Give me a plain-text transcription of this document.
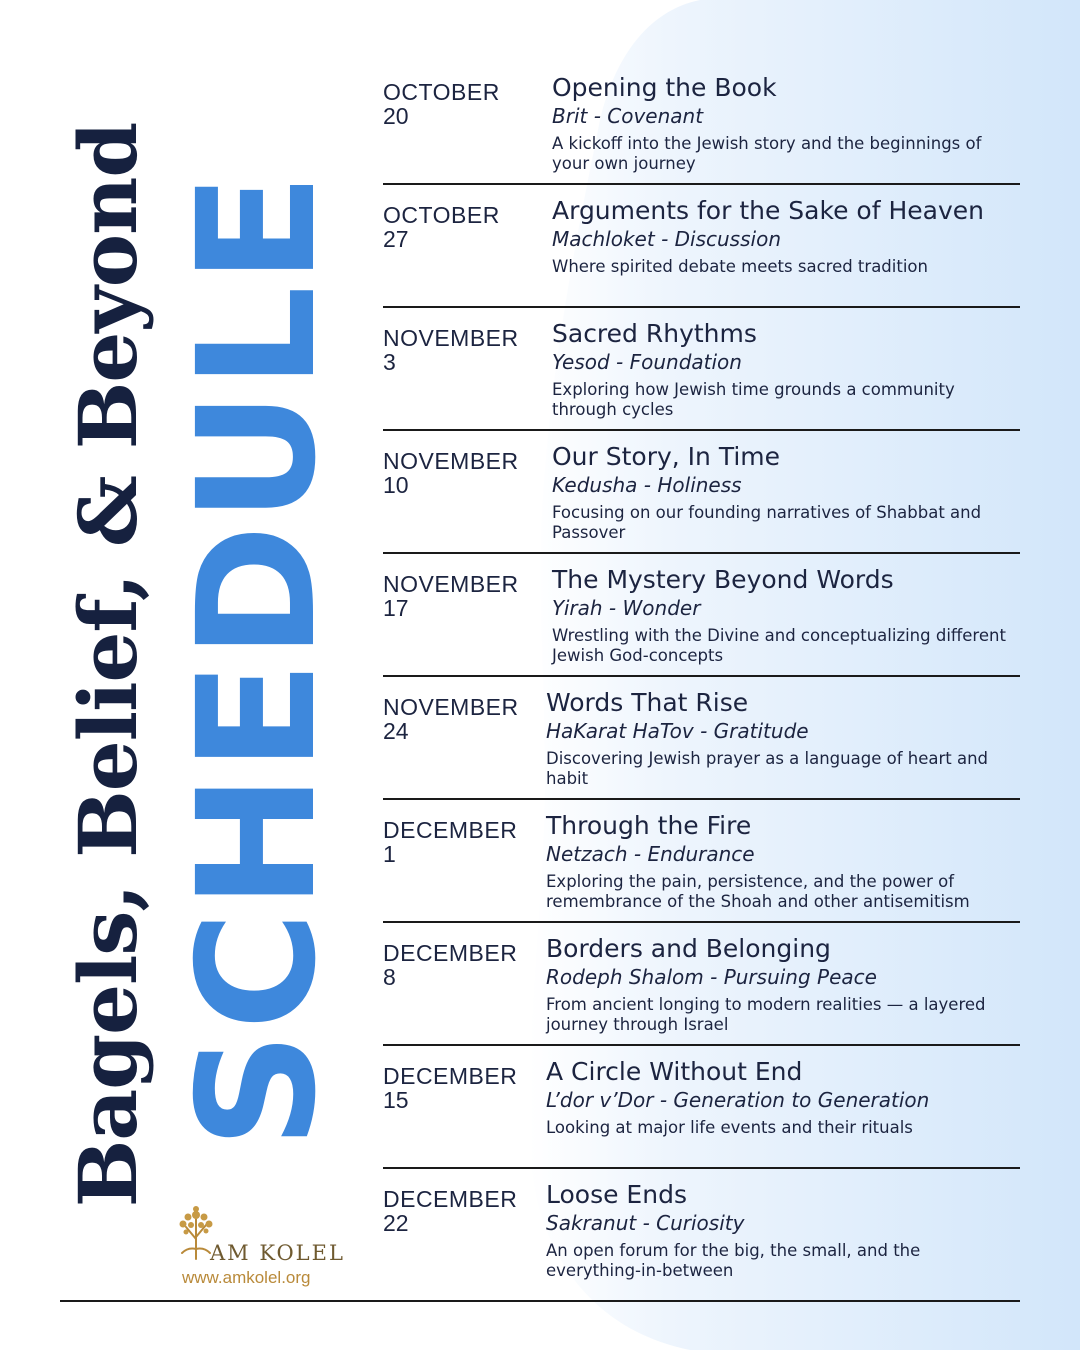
Bagels, Belief, & Beyond SCHEDULE
AM KOLEL
www.amkolel.org
OCTOBER
20
Opening the Book
Brit - Covenant
A kickoff into the Jewish story and the beginnings of your own journey
OCTOBER
27
Arguments for the Sake of Heaven
Machloket - Discussion
Where spirited debate meets sacred tradition
NOVEMBER
3
Sacred Rhythms
Yesod - Foundation
Exploring how Jewish time grounds a community through cycles
NOVEMBER
10
Our Story, In Time
Kedusha - Holiness
Focusing on our founding narratives of Shabbat and Passover
NOVEMBER
17
The Mystery Beyond Words
Yirah - Wonder
Wrestling with the Divine and conceptualizing different Jewish God-concepts
NOVEMBER
24
Words That Rise
HaKarat HaTov - Gratitude
Discovering Jewish prayer as a language of heart and habit
DECEMBER
1
Through the Fire
Netzach - Endurance
Exploring the pain, persistence, and the power of remembrance of the Shoah and other antisemitism
DECEMBER
8
Borders and Belonging
Rodeph Shalom - Pursuing Peace
From ancient longing to modern realities — a layered journey through Israel
DECEMBER
15
A Circle Without End
L’dor v’Dor - Generation to Generation
Looking at major life events and their rituals
DECEMBER
22
Loose Ends
Sakranut - Curiosity
An open forum for the big, the small, and the everything-in-between
